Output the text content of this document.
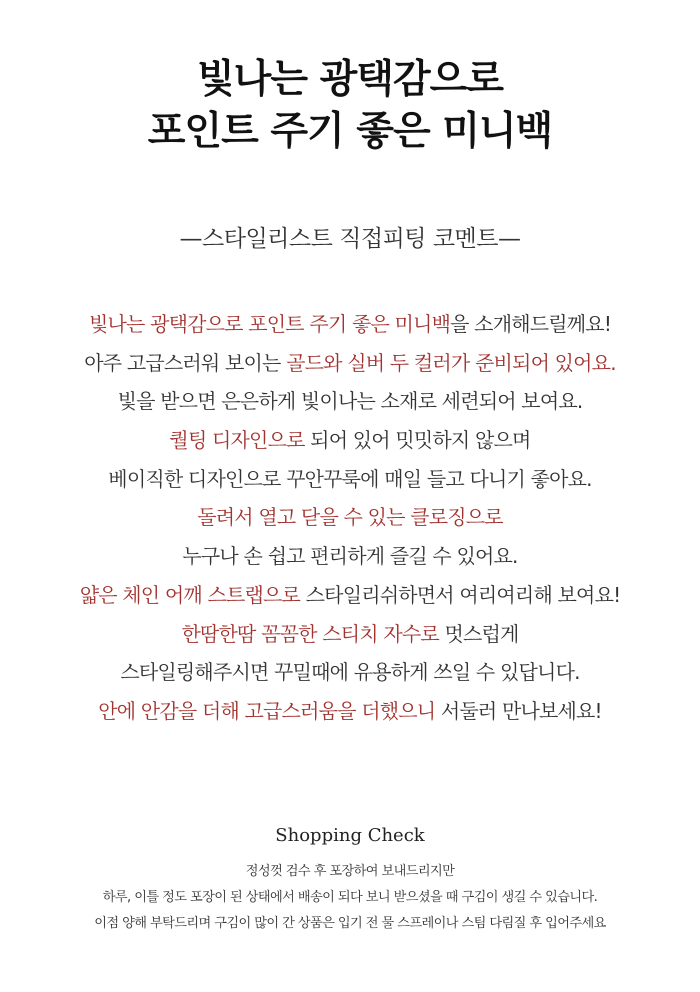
빛나는 광택감으로
포인트 주기 좋은 미니백
—스타일리스트 직접피팅 코멘트—
빛나는 광택감으로 포인트 주기 좋은 미니백을 소개해드릴께요!
아주 고급스러워 보이는 골드와 실버 두 컬러가 준비되어 있어요.
빛을 받으면 은은하게 빛이나는 소재로 세련되어 보여요.
퀄팅 디자인으로 되어 있어 밋밋하지 않으며
베이직한 디자인으로 꾸안꾸룩에 매일 들고 다니기 좋아요.
돌려서 열고 닫을 수 있는 클로징으로
누구나 손 쉽고 편리하게 즐길 수 있어요.
얇은 체인 어깨 스트랩으로 스타일리쉬하면서 여리여리해 보여요!
한땀한땀 꼼꼼한 스티치 자수로 멋스럽게
스타일링해주시면 꾸밀때에 유용하게 쓰일 수 있답니다.
안에 안감을 더해 고급스러움을 더했으니 서둘러 만나보세요!
Shopping Check
정성껏 검수 후 포장하여 보내드리지만
하루, 이틀 정도 포장이 된 상태에서 배송이 되다 보니 받으셨을 때 구김이 생길 수 있습니다.
이점 양해 부탁드리며 구김이 많이 간 상품은 입기 전 물 스프레이나 스팀 다림질 후 입어주세요
